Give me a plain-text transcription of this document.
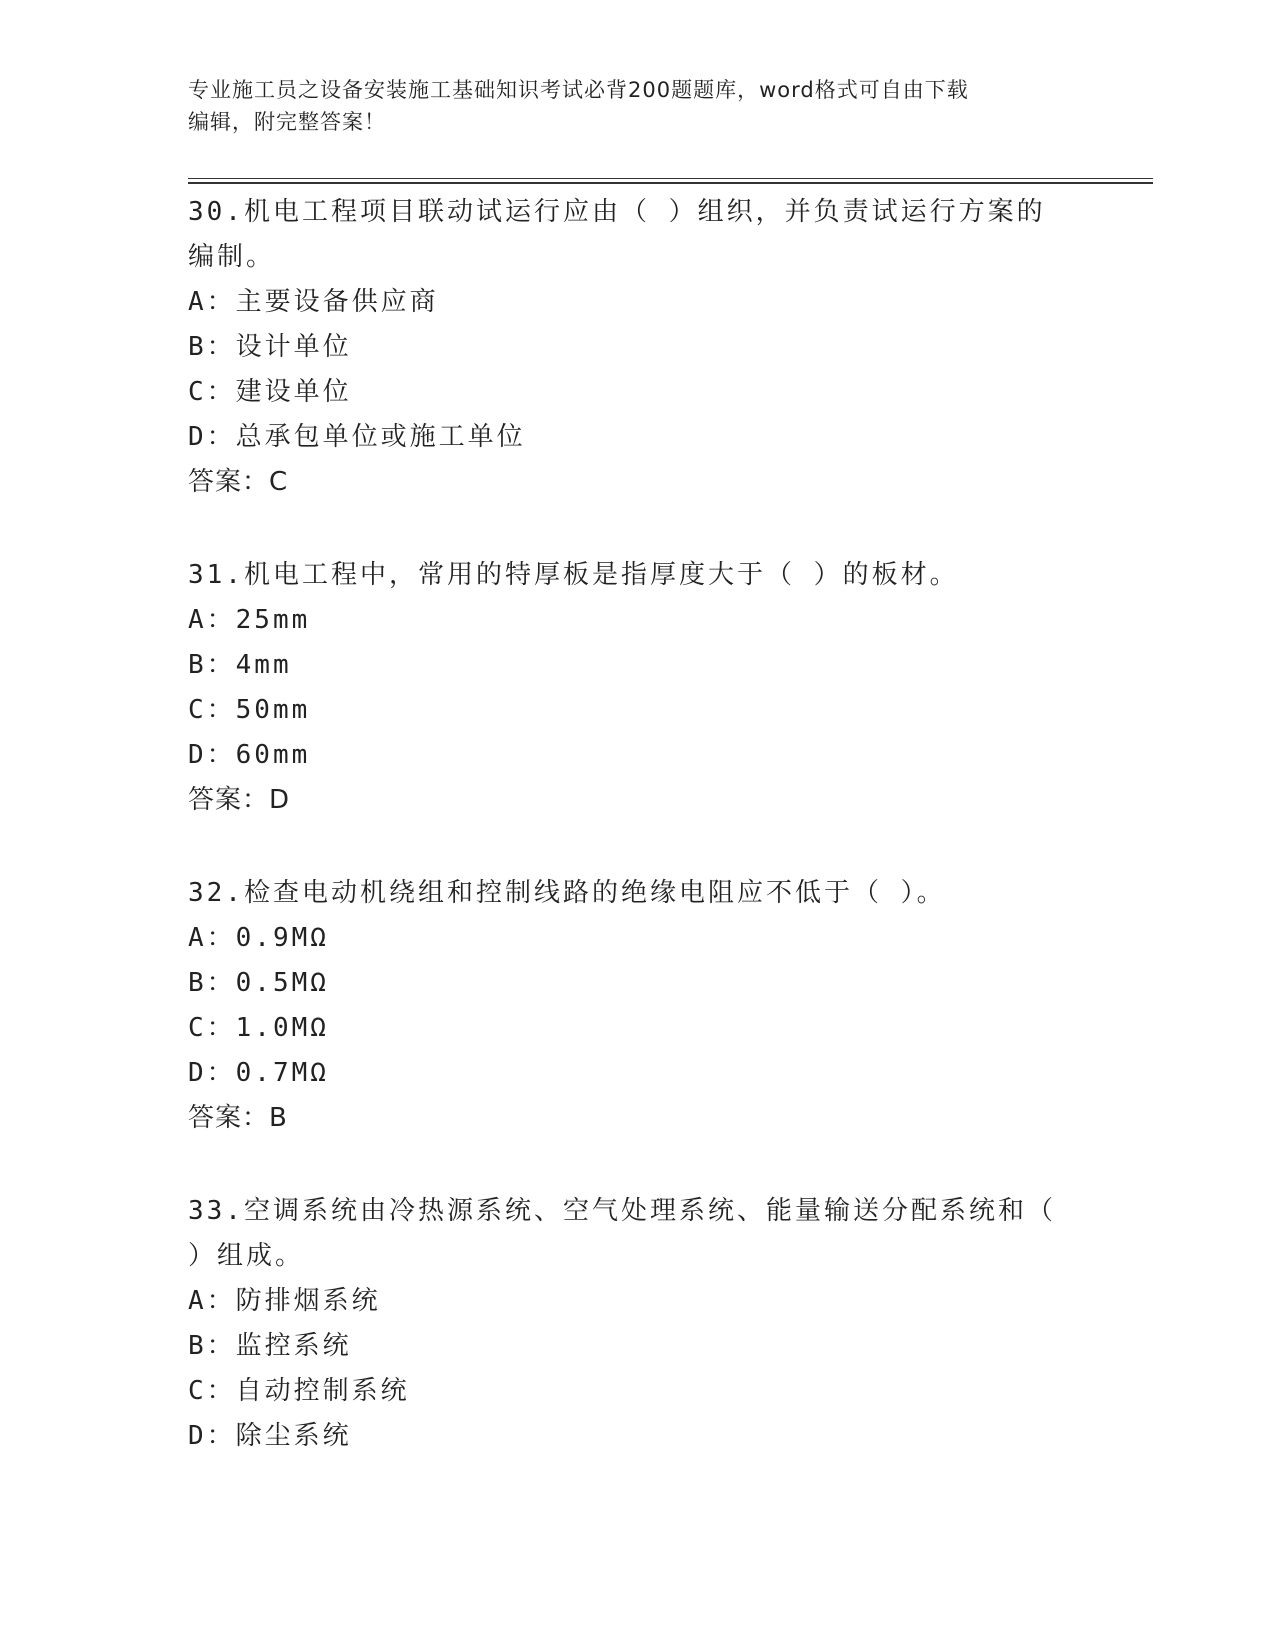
专业施工员之设备安装施工基础知识考试必背200题题库，word格式可自由下载
编辑，附完整答案！

30.机电工程项目联动试运行应由（ ）组织，并负责试运行方案的编制。

A：主要设备供应商

B：设计单位

C：建设单位

D：总承包单位或施工单位

答案：C

31.机电工程中，常用的特厚板是指厚度大于（ ）的板材。

A：25mm

B：4mm

C：50mm

D：60mm

答案：D

32.检查电动机绕组和控制线路的绝缘电阻应不低于（ ）。

A：0.9MΩ

B：0.5MΩ

C：1.0MΩ

D：0.7MΩ

答案：B

33.空调系统由冷热源系统、空气处理系统、能量输送分配系统和（ ）组成。

A：防排烟系统

B：监控系统

C：自动控制系统

D：除尘系统
